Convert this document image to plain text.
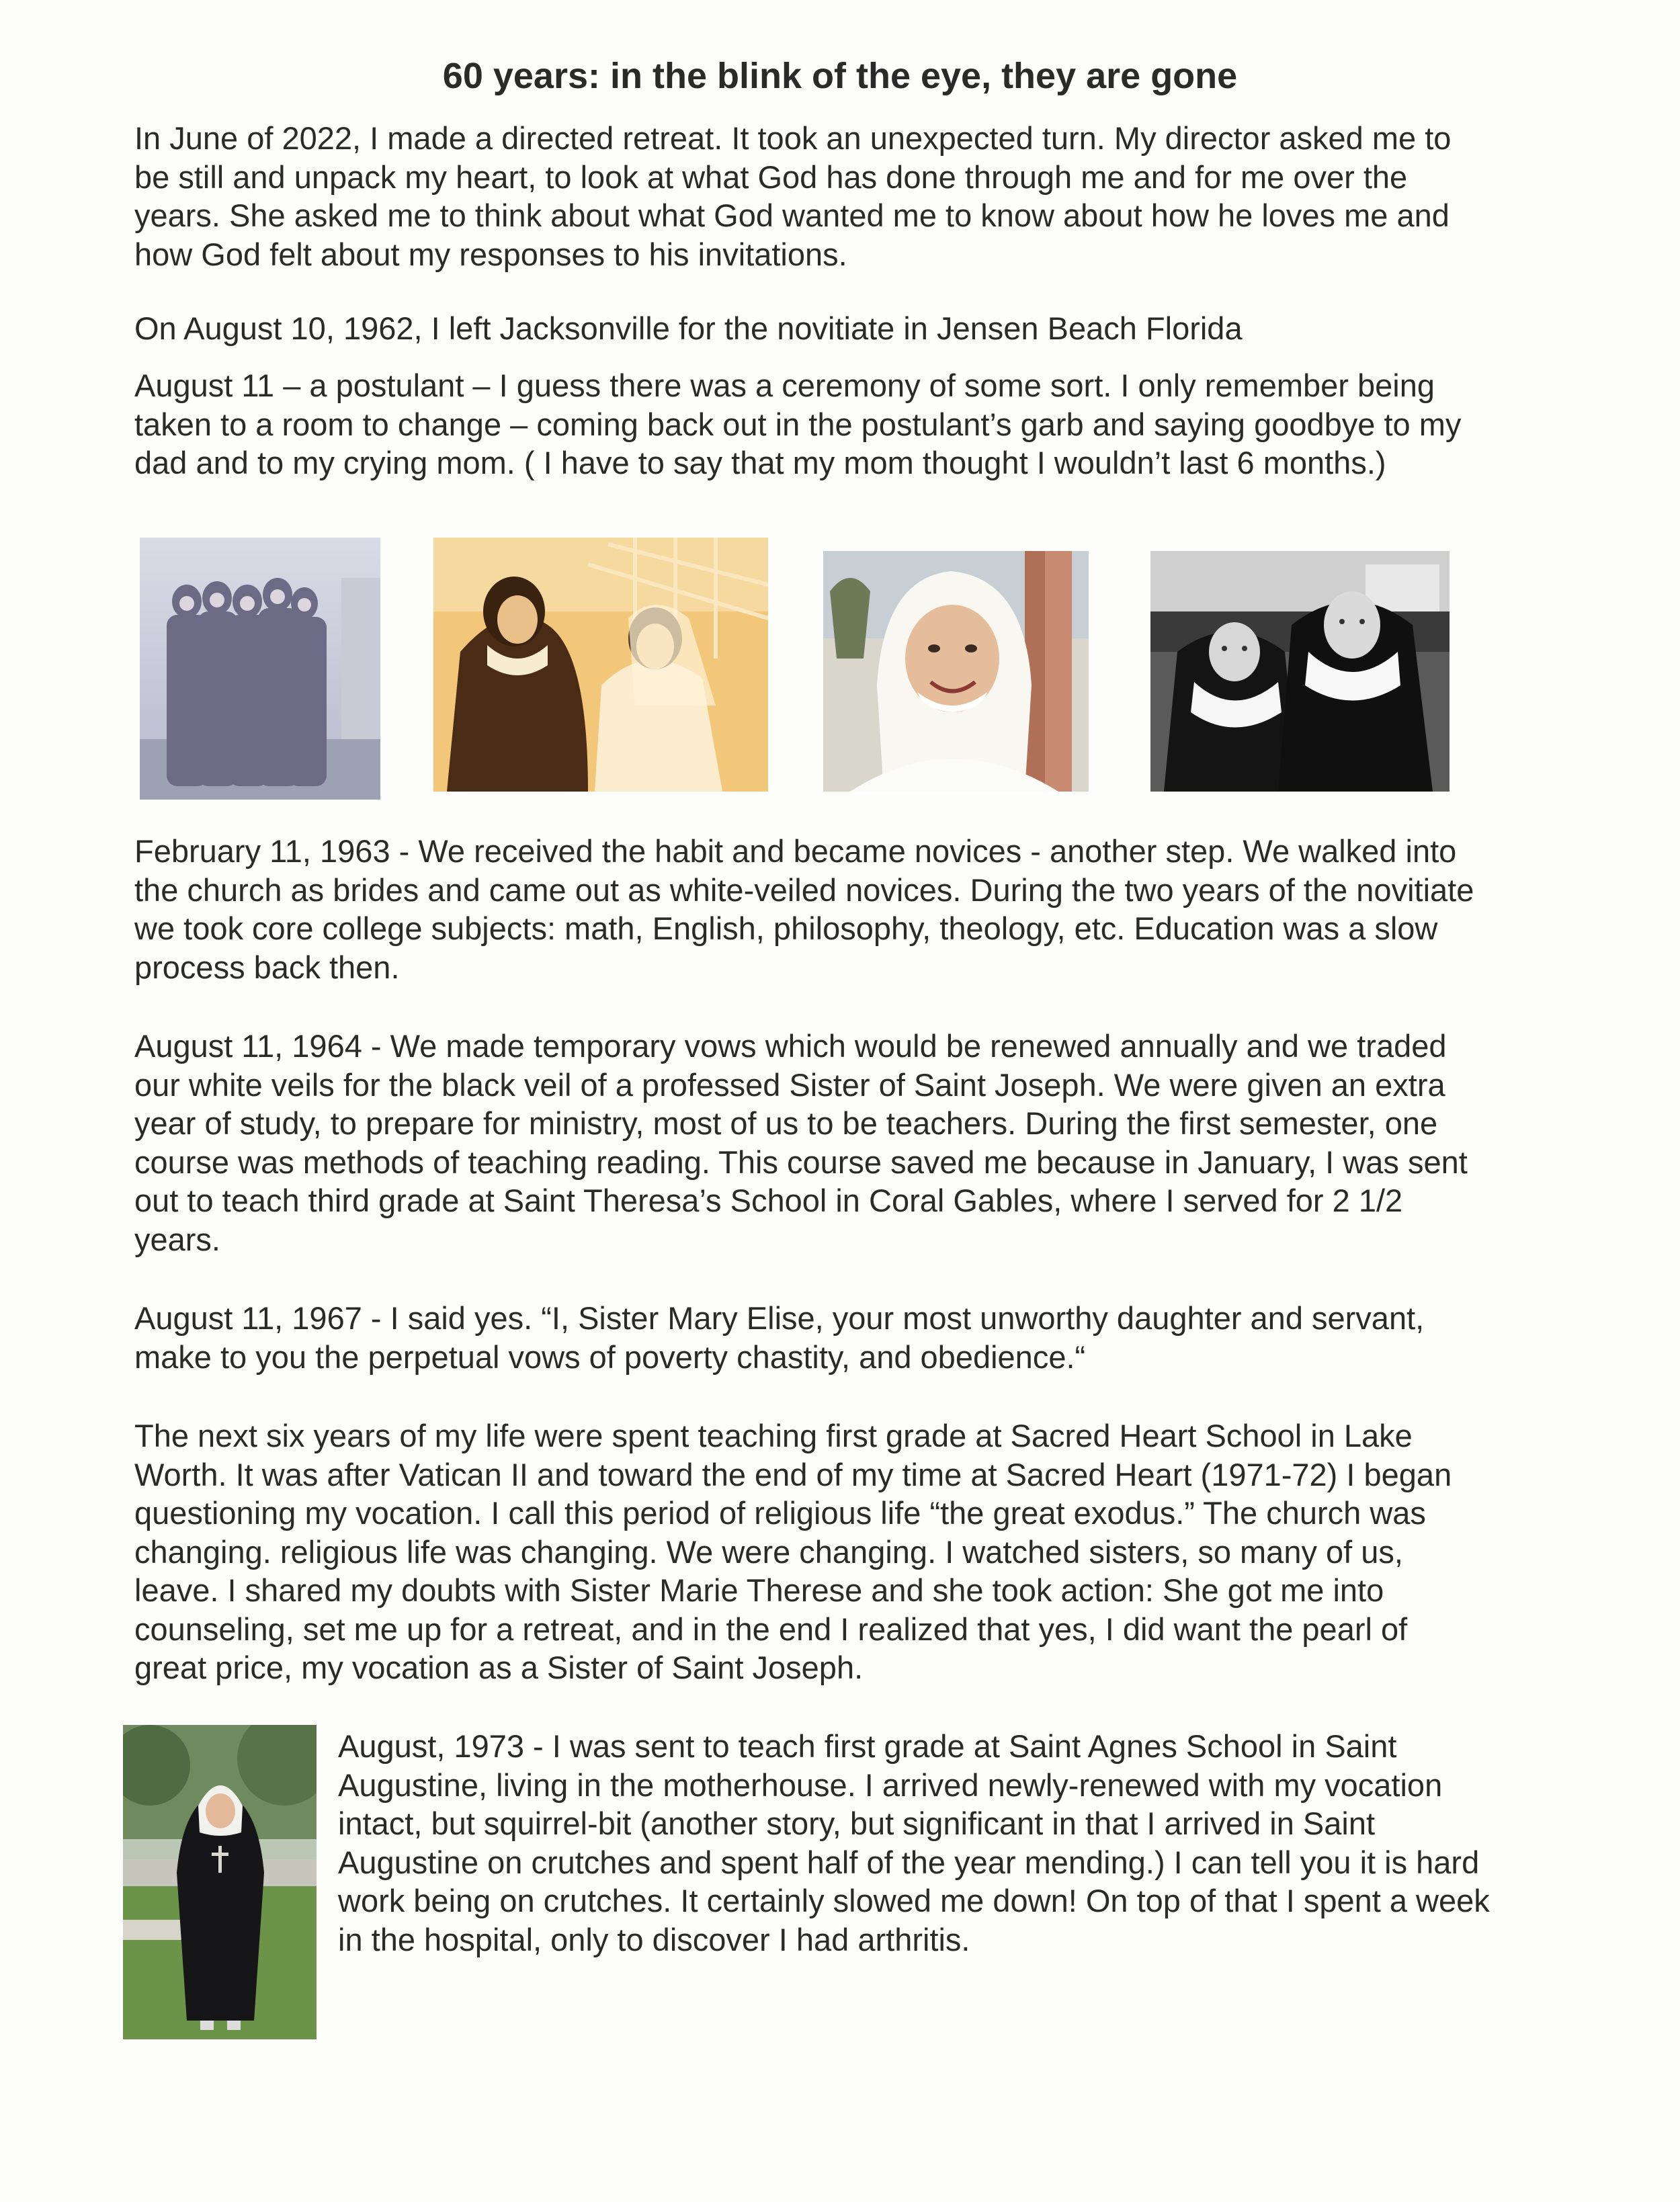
60 years: in the blink of the eye, they are gone

In June of 2022, I made a directed retreat. It took an unexpected turn. My director asked me to be still and unpack my heart, to look at what God has done through me and for me over the years. She asked me to think about what God wanted me to know about how he loves me and how God felt about my responses to his invitations.

On August 10, 1962, I left Jacksonville for the novitiate in Jensen Beach Florida

August 11 – a postulant – I guess there was a ceremony of some sort. I only remember being taken to a room to change – coming back out in the postulant’s garb and saying goodbye to my dad and to my crying mom. ( I have to say that my mom thought I wouldn’t last 6 months.)

February 11, 1963 - We received the habit and became novices - another step. We walked into the church as brides and came out as white-veiled novices. During the two years of the novitiate we took core college subjects: math, English, philosophy, theology, etc. Education was a slow process back then.

August 11, 1964 - We made temporary vows which would be renewed annually and we traded our white veils for the black veil of a professed Sister of Saint Joseph. We were given an extra year of study, to prepare for ministry, most of us to be teachers. During the first semester, one course was methods of teaching reading. This course saved me because in January, I was sent out to teach third grade at Saint Theresa’s School in Coral Gables, where I served for 2 1/2 years.

August 11, 1967 - I said yes. “I, Sister Mary Elise, your most unworthy daughter and servant, make to you the perpetual vows of poverty chastity, and obedience.“

The next six years of my life were spent teaching first grade at Sacred Heart School in Lake Worth. It was after Vatican II and toward the end of my time at Sacred Heart (1971-72) I began questioning my vocation. I call this period of religious life “the great exodus.” The church was changing. religious life was changing. We were changing. I watched sisters, so many of us, leave. I shared my doubts with Sister Marie Therese and she took action: She got me into counseling, set me up for a retreat, and in the end I realized that yes, I did want the pearl of great price, my vocation as a Sister of Saint Joseph.

August, 1973 - I was sent to teach first grade at Saint Agnes School in Saint Augustine, living in the motherhouse. I arrived newly-renewed with my vocation intact, but squirrel-bit (another story, but significant in that I arrived in Saint Augustine on crutches and spent half of the year mending.) I can tell you it is hard work being on crutches. It certainly slowed me down! On top of that I spent a week in the hospital, only to discover I had arthritis.
